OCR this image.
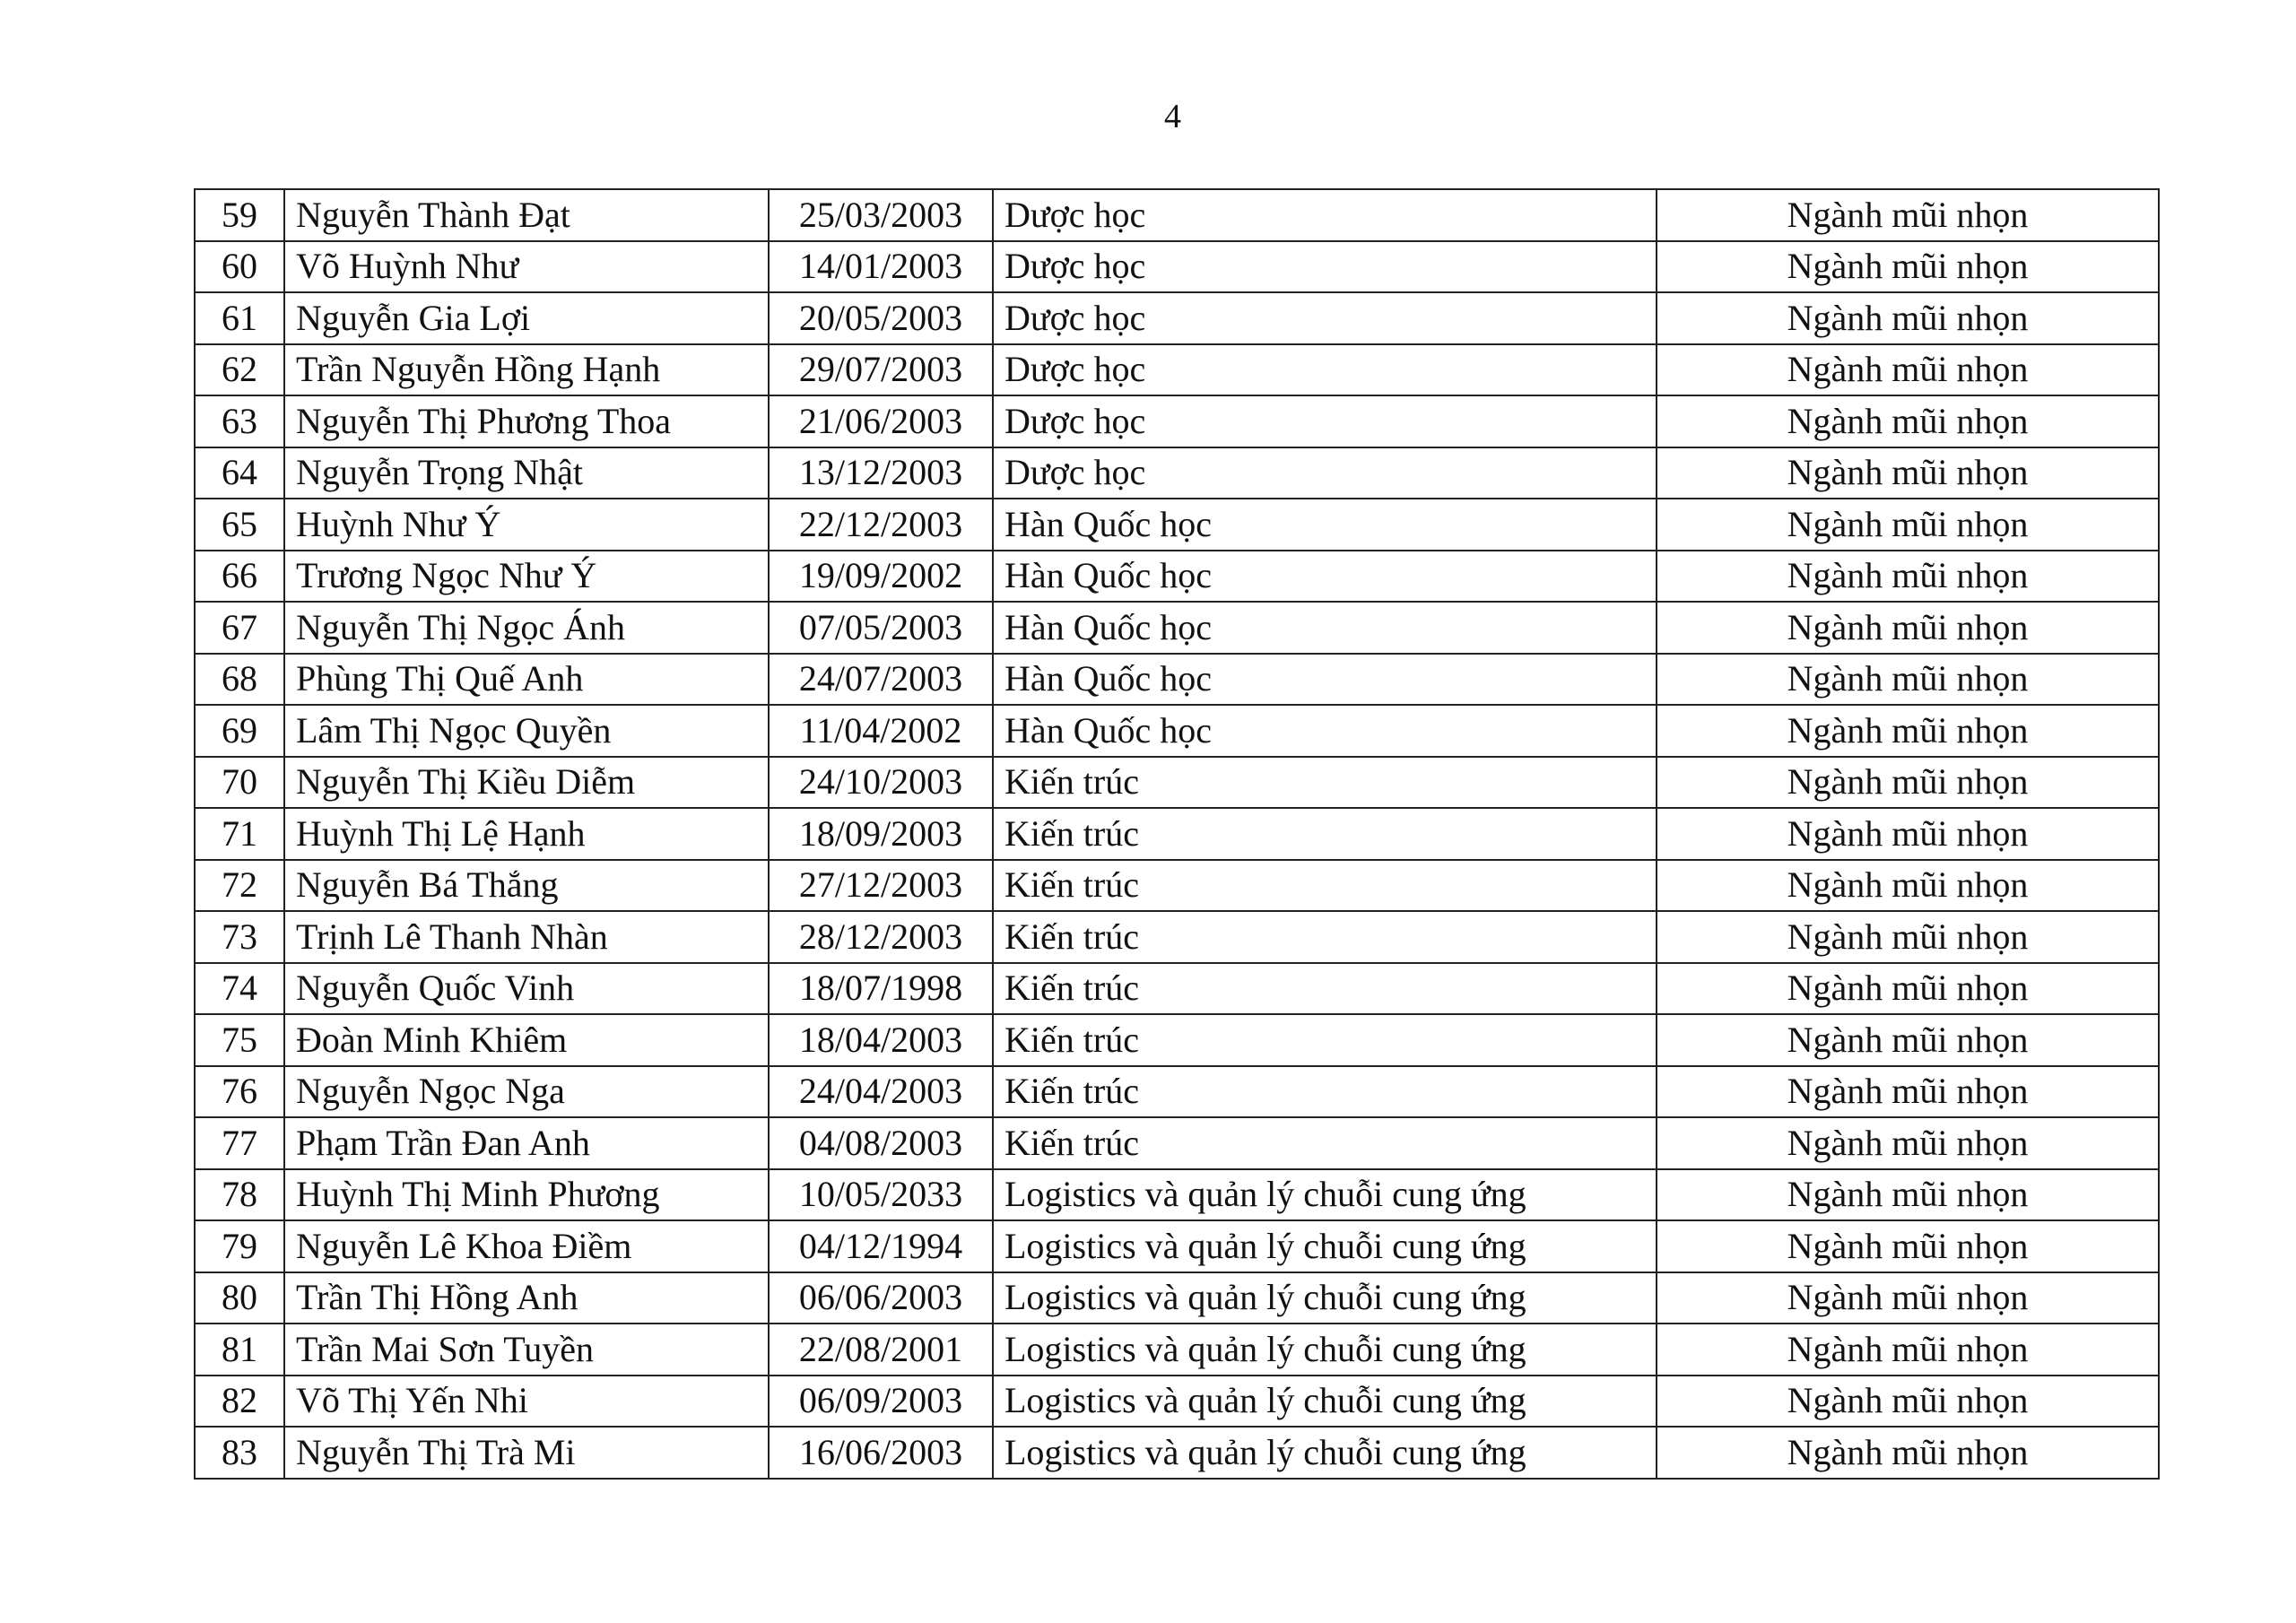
4
59	Nguyễn Thành Đạt	25/03/2003	Dược học	Ngành mũi nhọn
60	Võ Huỳnh Như	14/01/2003	Dược học	Ngành mũi nhọn
61	Nguyễn Gia Lợi	20/05/2003	Dược học	Ngành mũi nhọn
62	Trần Nguyễn Hồng Hạnh	29/07/2003	Dược học	Ngành mũi nhọn
63	Nguyễn Thị Phương Thoa	21/06/2003	Dược học	Ngành mũi nhọn
64	Nguyễn Trọng Nhật	13/12/2003	Dược học	Ngành mũi nhọn
65	Huỳnh Như Ý	22/12/2003	Hàn Quốc học	Ngành mũi nhọn
66	Trương Ngọc Như Ý	19/09/2002	Hàn Quốc học	Ngành mũi nhọn
67	Nguyễn Thị Ngọc Ánh	07/05/2003	Hàn Quốc học	Ngành mũi nhọn
68	Phùng Thị Quế Anh	24/07/2003	Hàn Quốc học	Ngành mũi nhọn
69	Lâm Thị Ngọc Quyền	11/04/2002	Hàn Quốc học	Ngành mũi nhọn
70	Nguyễn Thị Kiều Diễm	24/10/2003	Kiến trúc	Ngành mũi nhọn
71	Huỳnh Thị Lệ Hạnh	18/09/2003	Kiến trúc	Ngành mũi nhọn
72	Nguyễn Bá Thắng	27/12/2003	Kiến trúc	Ngành mũi nhọn
73	Trịnh Lê Thanh Nhàn	28/12/2003	Kiến trúc	Ngành mũi nhọn
74	Nguyễn Quốc Vinh	18/07/1998	Kiến trúc	Ngành mũi nhọn
75	Đoàn Minh Khiêm	18/04/2003	Kiến trúc	Ngành mũi nhọn
76	Nguyễn Ngọc Nga	24/04/2003	Kiến trúc	Ngành mũi nhọn
77	Phạm Trần Đan Anh	04/08/2003	Kiến trúc	Ngành mũi nhọn
78	Huỳnh Thị Minh Phương	10/05/2033	Logistics và quản lý chuỗi cung ứng	Ngành mũi nhọn
79	Nguyễn Lê Khoa Điềm	04/12/1994	Logistics và quản lý chuỗi cung ứng	Ngành mũi nhọn
80	Trần Thị Hồng Anh	06/06/2003	Logistics và quản lý chuỗi cung ứng	Ngành mũi nhọn
81	Trần Mai Sơn Tuyền	22/08/2001	Logistics và quản lý chuỗi cung ứng	Ngành mũi nhọn
82	Võ Thị Yến Nhi	06/09/2003	Logistics và quản lý chuỗi cung ứng	Ngành mũi nhọn
83	Nguyễn Thị Trà Mi	16/06/2003	Logistics và quản lý chuỗi cung ứng	Ngành mũi nhọn
